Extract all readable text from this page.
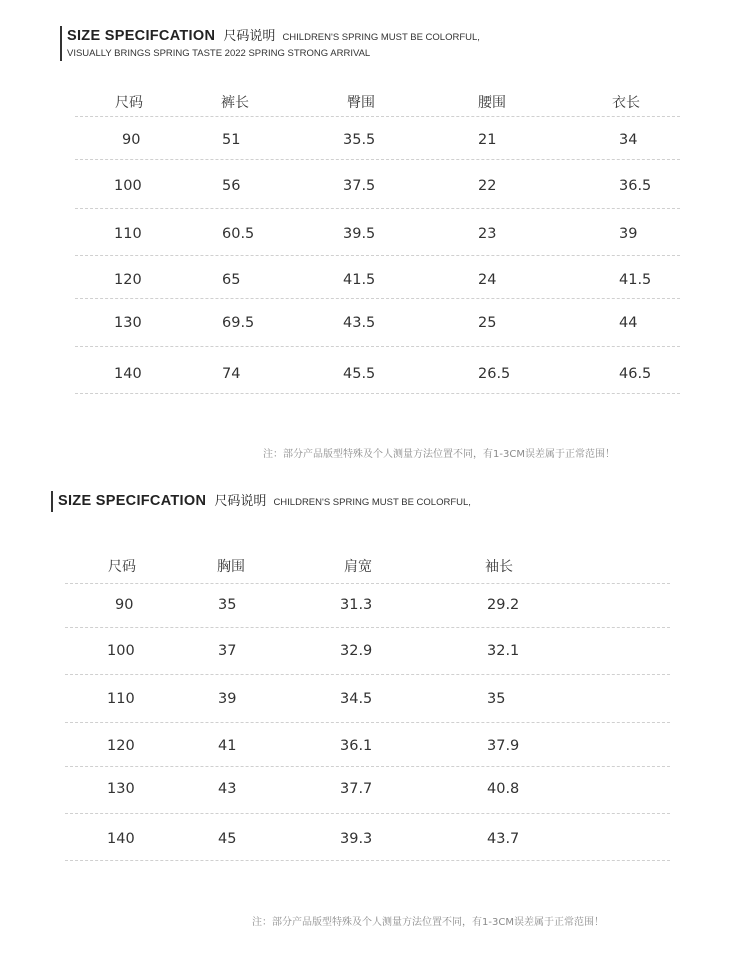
SIZE SPECIFCATION 尺码说明 CHILDREN'S SPRING MUST BE COLORFUL,
VISUALLY BRINGS SPRING TASTE 2022 SPRING STRONG ARRIVAL
尺码	裤长	臀围	腰围	衣长
90	51	35.5	21	34
100	56	37.5	22	36.5
110	60.5	39.5	23	39
120	65	41.5	24	41.5
130	69.5	43.5	25	44
140	74	45.5	26.5	46.5
注：部分产品版型特殊及个人测量方法位置不同，有1-3CM误差属于正常范围！
SIZE SPECIFCATION 尺码说明 CHILDREN'S SPRING MUST BE COLORFUL,
尺码	胸围	肩宽	袖长
90	35	31.3	29.2
100	37	32.9	32.1
110	39	34.5	35
120	41	36.1	37.9
130	43	37.7	40.8
140	45	39.3	43.7
注：部分产品版型特殊及个人测量方法位置不同，有1-3CM误差属于正常范围！
